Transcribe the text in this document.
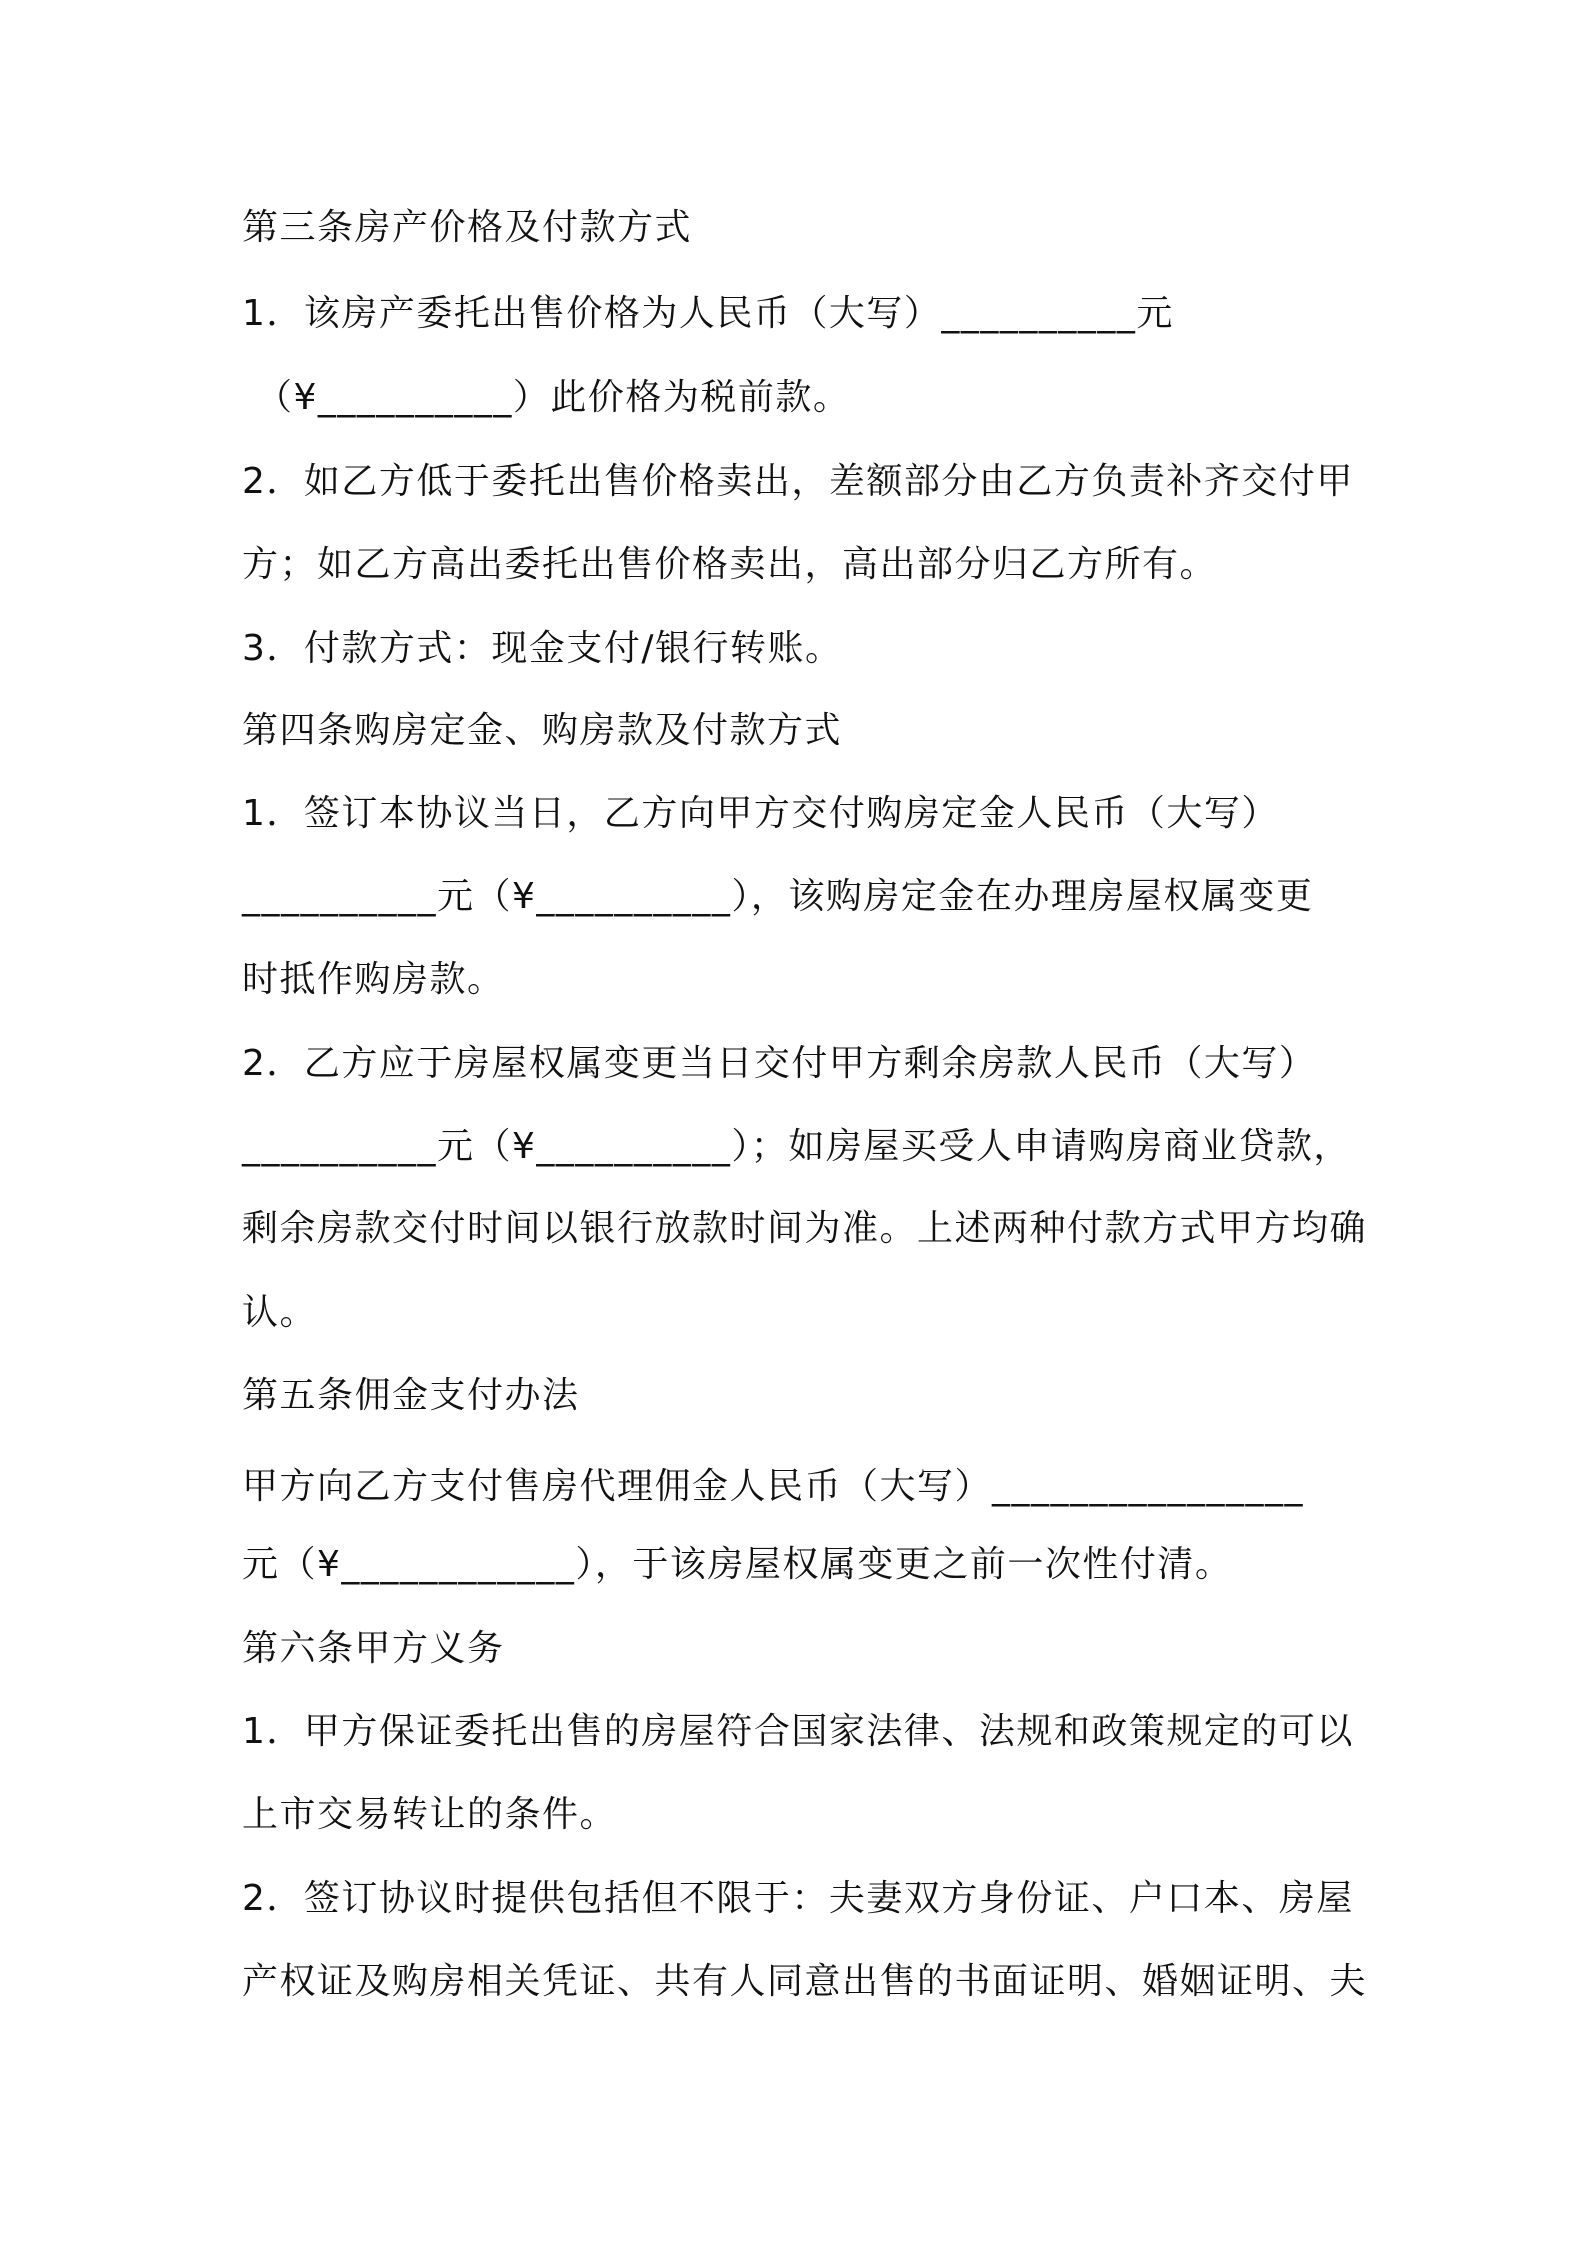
第三条房产价格及付款方式
1．该房产委托出售价格为人民币（大写）__________元
（¥__________）此价格为税前款。
2．如乙方低于委托出售价格卖出，差额部分由乙方负责补齐交付甲
方；如乙方高出委托出售价格卖出，高出部分归乙方所有。
3．付款方式：现金支付/银行转账。
第四条购房定金、购房款及付款方式
1．签订本协议当日，乙方向甲方交付购房定金人民币（大写）
__________元（¥__________），该购房定金在办理房屋权属变更
时抵作购房款。
2．乙方应于房屋权属变更当日交付甲方剩余房款人民币（大写）
__________元（¥__________）；如房屋买受人申请购房商业贷款，
剩余房款交付时间以银行放款时间为准。上述两种付款方式甲方均确
认。
第五条佣金支付办法
甲方向乙方支付售房代理佣金人民币（大写）________________
元（¥____________），于该房屋权属变更之前一次性付清。
第六条甲方义务
1．甲方保证委托出售的房屋符合国家法律、法规和政策规定的可以
上市交易转让的条件。
2．签订协议时提供包括但不限于：夫妻双方身份证、户口本、房屋
产权证及购房相关凭证、共有人同意出售的书面证明、婚姻证明、夫
